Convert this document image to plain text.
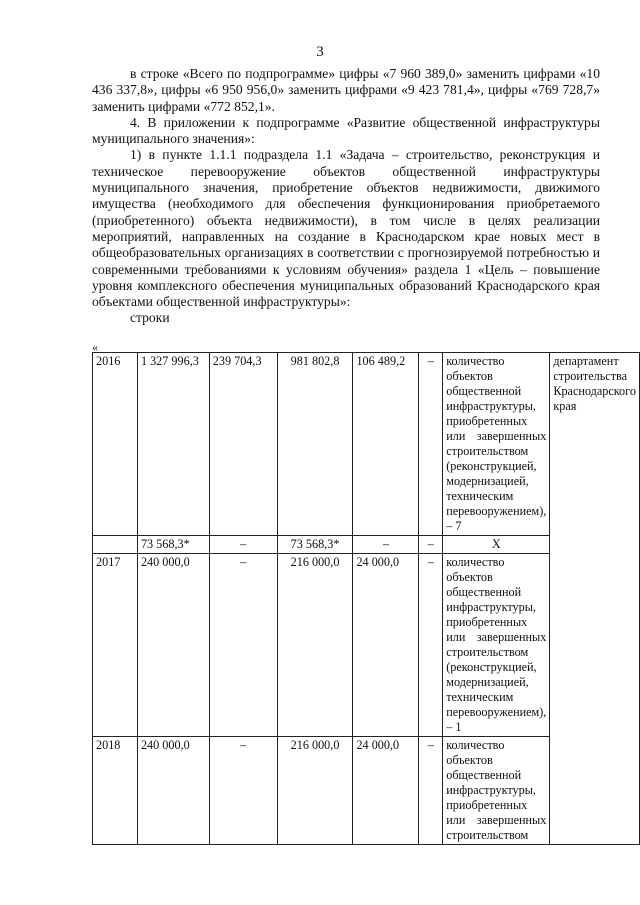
3

в строке «Всего по подпрограмме» цифры «7 960 389,0» заменить цифрами «10 436 337,8», цифры «6 950 956,0» заменить цифрами «9 423 781,4», цифры «769 728,7» заменить цифрами «772 852,1».

4. В приложении к подпрограмме «Развитие общественной инфраструктуры муниципального значения»:

1) в пункте 1.1.1 подраздела 1.1 «Задача – строительство, реконструкция и техническое перевооружение объектов общественной инфраструктуры муниципального значения, приобретение объектов недвижимости, движимого имущества (необходимого для обеспечения функционирования приобретаемого (приобретенного) объекта недвижимости), в том числе в целях реализации мероприятий, направленных на создание в Краснодарском крае новых мест в общеобразовательных организациях в соответствии с прогнозируемой потребностью и современными требованиями к условиям обучения» раздела 1 «Цель – повышение уровня комплексного обеспечения муниципальных образований Краснодарского края объектами общественной инфраструктуры»:

строки

«
2016	1 327 996,3	239 704,3	981 802,8	106 489,2	–	количество объектов общественной инфраструктуры, приобретенных или завершенных строительством (реконструкцией, модернизацией, техническим перевооружением), – 7	департамент строительства Краснодарского края
	73 568,3*	–	73 568,3*	–	–	Х	
2017	240 000,0	–	216 000,0	24 000,0	–	количество объектов общественной инфраструктуры, приобретенных или завершенных строительством (реконструкцией, модернизацией, техническим перевооружением), – 1	
2018	240 000,0	–	216 000,0	24 000,0	–	количество объектов общественной инфраструктуры, приобретенных или завершенных строительством	
